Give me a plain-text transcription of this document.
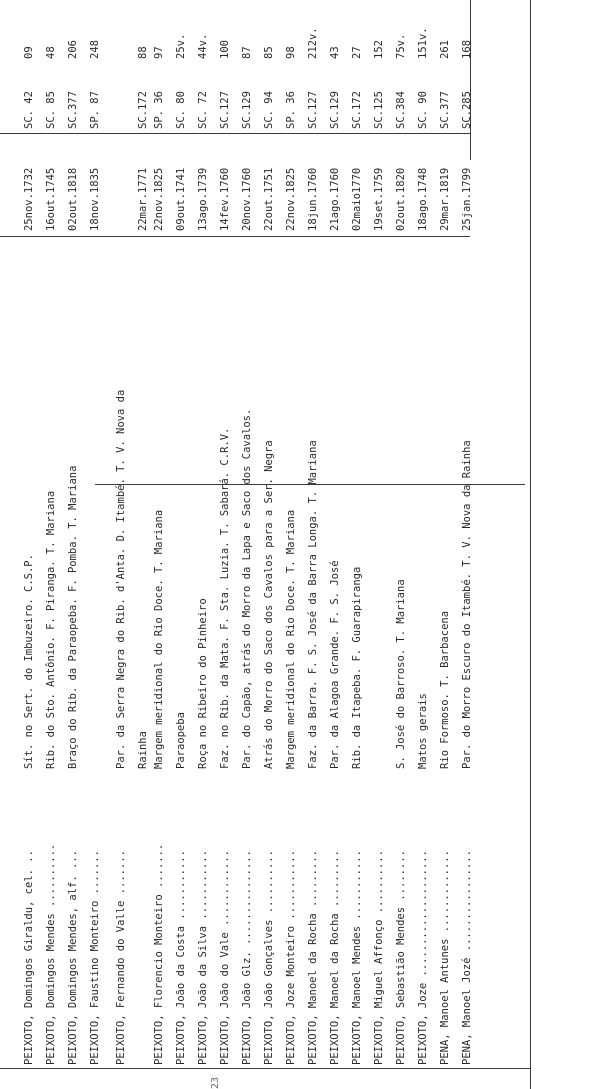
PEIXOTO, Domingos Giraldu, cel. ..
Sít. no Sert. do Imbuzeiro. C.S.P.
25nov.1732
SC. 42
09
PEIXOTO, Domingos Mendes ..........
Rib. do Sto. Antônio. F. Piranga. T. Mariana
16out.1745
SC. 85
48
PEIXOTO, Domingos Mendes, alf. ...
Braço do Rib. da Paraopeba. F. Pomba. T. Mariana
02out.1818
SC.377
206
PEIXOTO, Faustino Monteiro .......
18nov.1835
SP. 87
248
PEIXOTO, Fernando do Valle .......
Par. da Serra Negra do Rib. d'Anta. D. Itambé. T. V. Nova da Rainha
22mar.1771
SC.172
88
PEIXOTO, Florencio Monteiro .......
Margem meridional do Rio Doce. T. Mariana
22nov.1825
SP. 36
97
PEIXOTO, João da Costa ...........
Paraopeba
09out.1741
SC. 80
25v.
PEIXOTO, João da Silva ...........
Roça no Ribeiro do Pinheiro
13ago.1739
SC. 72
44v.
PEIXOTO, João do Vale ............
Faz. no Rib. da Mata. F. Sta. Luzia. T. Sabará. C.R.V.
14fev.1760
SC.127
100
PEIXOTO, João Glz. ...............
Par. do Capão, atrás do Morro da Lapa e Saco dos Cavalos.
20nov.1760
SC.129
87
PEIXOTO, João Gonçalves ..........
Atrás do Morro do Saco dos Cavalos para a Ser. Negra
22out.1751
SC. 94
85
PEIXOTO, Joze Monteiro ...........
Margem meridional do Rio Doce. T. Mariana
22nov.1825
SP. 36
98
PEIXOTO, Manoel da Rocha .........
Faz. da Barra. F. S. José da Barra Longa. T. Mariana
18jun.1760
SC.127
212v.
PEIXOTO, Manoel da Rocha .........
Par. da Alagoa Grande. F. S. José
21ago.1760
SC.129
43
PEIXOTO, Manoel Mendes ...........
Rib. da Itapeba. F. Guarapiranga
02maio1770
SC.172
27
PEIXOTO, Miguel Affonço ..........
19set.1759
SC.125
152
PEIXOTO, Sebastião Mendes ........
S. José do Barroso. T. Mariana
02out.1820
SC.384
75v.
PEIXOTO, Joze ....................
Matos gerais
18ago.1748
SC. 90
151v.
PENA, Manoel Antunes .............
Rio Formoso. T. Barbacena
29mar.1819
SC.377
261
PENA, Manoel Jozé ................
Par. do Morro Escuro do Itambé. T. V. Nova da Rainha
25jan.1799
SC.285
168
23
